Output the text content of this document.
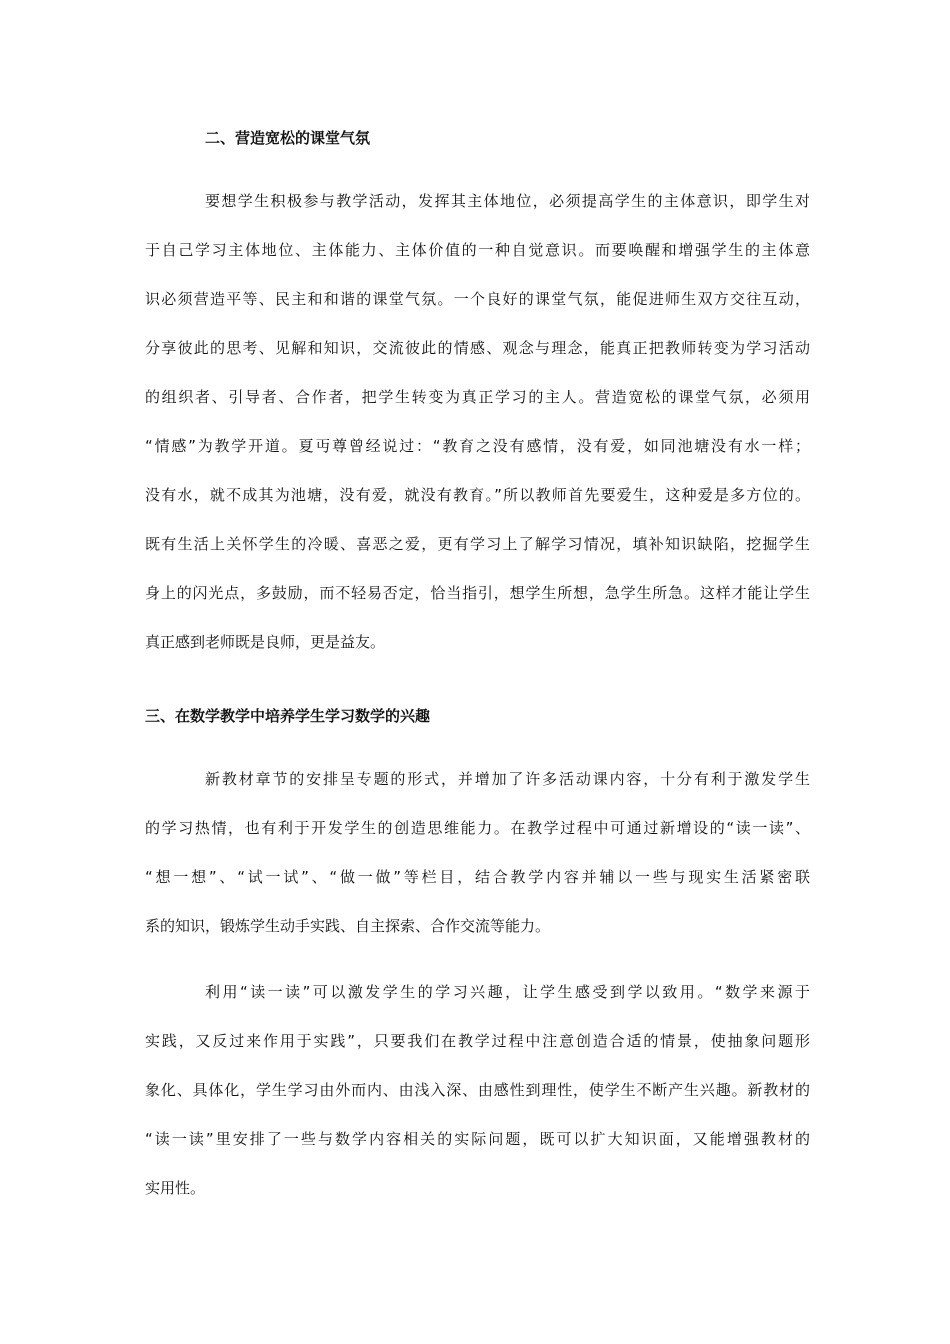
二、营造宽松的课堂气氛

要想学生积极参与教学活动，发挥其主体地位，必须提高学生的主体意识，即学生对
于自己学习主体地位、主体能力、主体价值的一种自觉意识。而要唤醒和增强学生的主体意
识必须营造平等、民主和和谐的课堂气氛。一个良好的课堂气氛，能促进师生双方交往互动，
分享彼此的思考、见解和知识，交流彼此的情感、观念与理念，能真正把教师转变为学习活动
的组织者、引导者、合作者，把学生转变为真正学习的主人。营造宽松的课堂气氛，必须用
“情感”为教学开道。夏丏尊曾经说过：“教育之没有感情，没有爱，如同池塘没有水一样；
没有水，就不成其为池塘，没有爱，就没有教育。”所以教师首先要爱生，这种爱是多方位的。
既有生活上关怀学生的冷暖、喜恶之爱，更有学习上了解学习情况，填补知识缺陷，挖掘学生
身上的闪光点，多鼓励，而不轻易否定，恰当指引，想学生所想，急学生所急。这样才能让学生
真正感到老师既是良师，更是益友。

三、在数学教学中培养学生学习数学的兴趣

新教材章节的安排呈专题的形式，并增加了许多活动课内容，十分有利于激发学生
的学习热情，也有利于开发学生的创造思维能力。在教学过程中可通过新增设的“读一读”、
“想一想”、“试一试”、“做一做”等栏目，结合教学内容并辅以一些与现实生活紧密联
系的知识，锻炼学生动手实践、自主探索、合作交流等能力。

利用“读一读”可以激发学生的学习兴趣，让学生感受到学以致用。“数学来源于
实践，又反过来作用于实践”，只要我们在教学过程中注意创造合适的情景，使抽象问题形
象化、具体化，学生学习由外而内、由浅入深、由感性到理性，使学生不断产生兴趣。新教材的
“读一读”里安排了一些与数学内容相关的实际问题，既可以扩大知识面，又能增强教材的
实用性。
